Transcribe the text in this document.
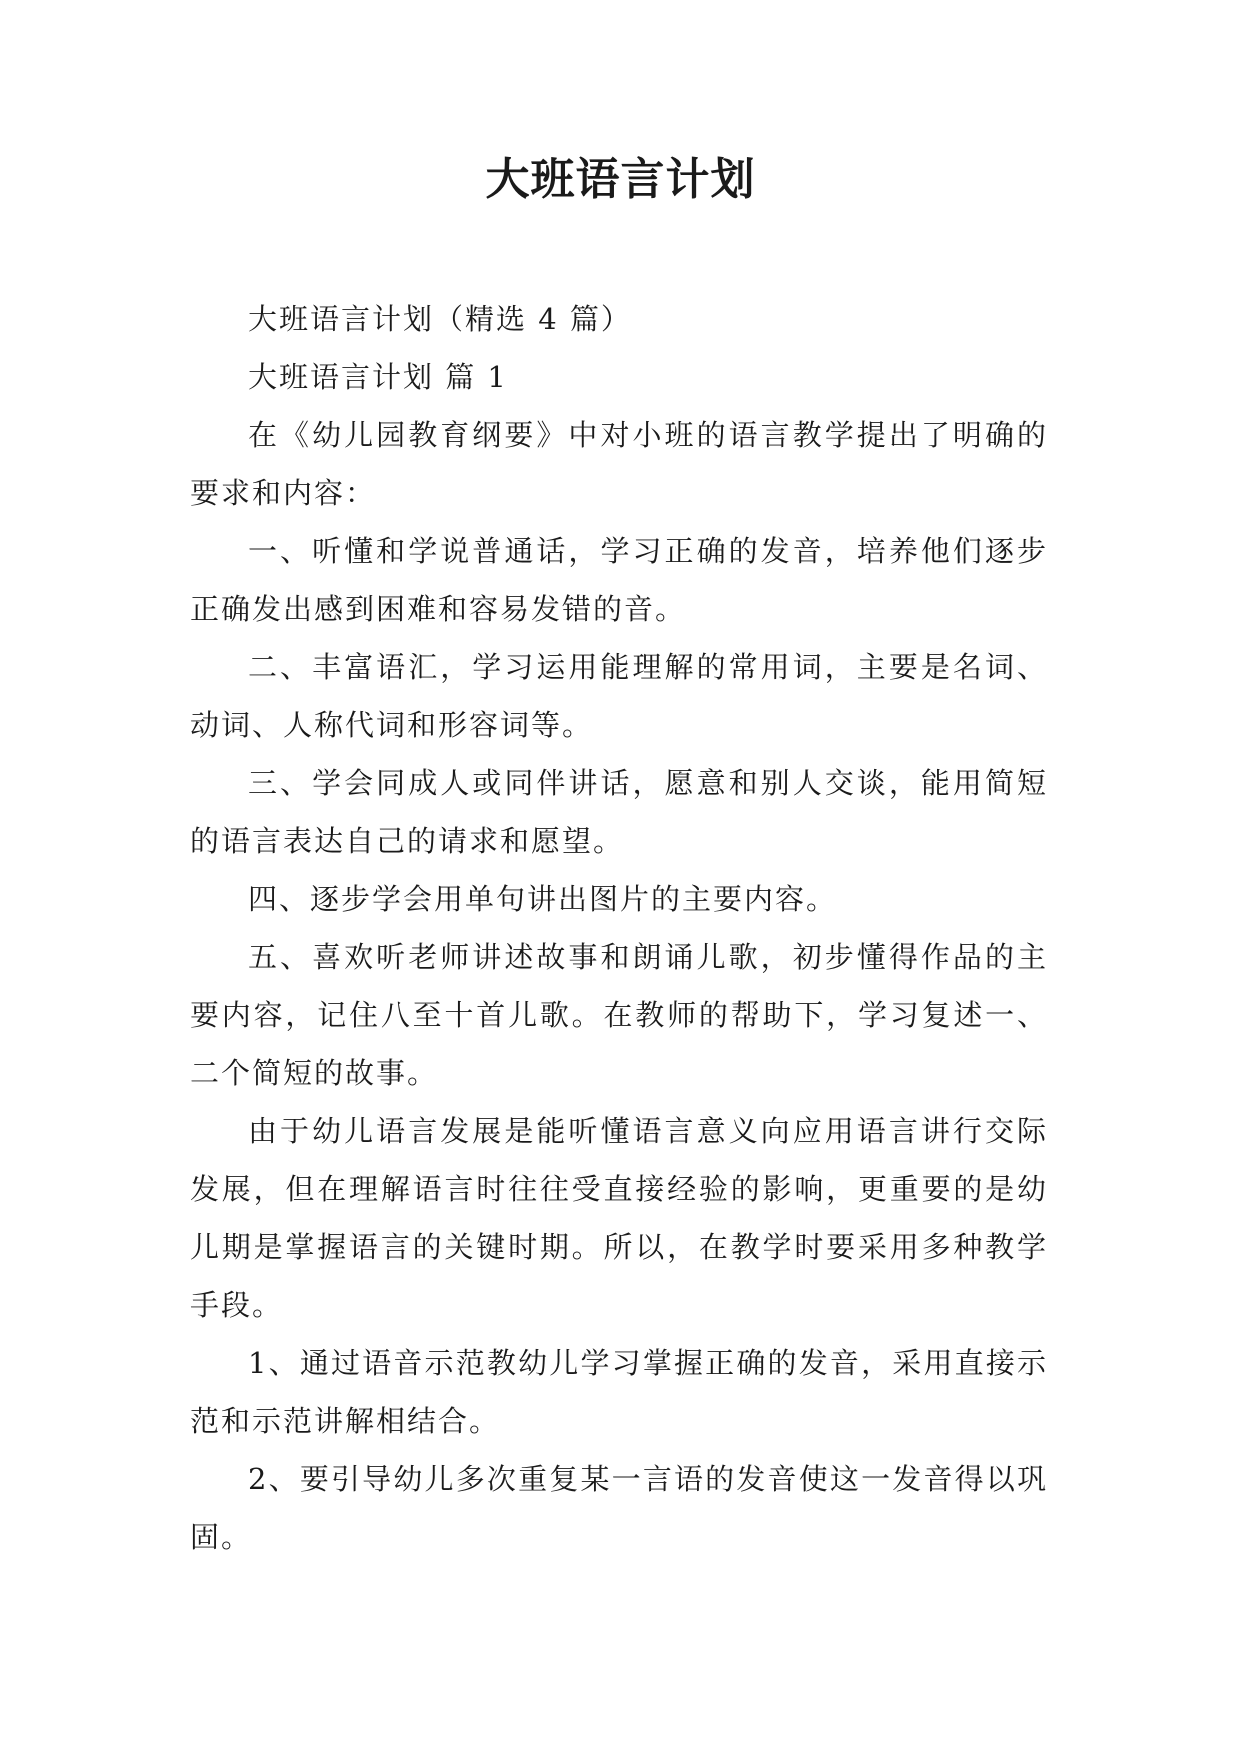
大班语言计划

大班语言计划（精选 4 篇）

大班语言计划 篇 1

在《幼儿园教育纲要》中对小班的语言教学提出了明确的要求和内容：

一、听懂和学说普通话，学习正确的发音，培养他们逐步正确发出感到困难和容易发错的音。

二、丰富语汇，学习运用能理解的常用词，主要是名词、动词、人称代词和形容词等。

三、学会同成人或同伴讲话，愿意和别人交谈，能用简短的语言表达自己的请求和愿望。

四、逐步学会用单句讲出图片的主要内容。

五、喜欢听老师讲述故事和朗诵儿歌，初步懂得作品的主要内容，记住八至十首儿歌。在教师的帮助下，学习复述一、二个简短的故事。

由于幼儿语言发展是能听懂语言意义向应用语言讲行交际发展，但在理解语言时往往受直接经验的影响，更重要的是幼儿期是掌握语言的关键时期。所以，在教学时要采用多种教学手段。

1、通过语音示范教幼儿学习掌握正确的发音，采用直接示范和示范讲解相结合。

2、要引导幼儿多次重复某一言语的发音使这一发音得以巩固。
